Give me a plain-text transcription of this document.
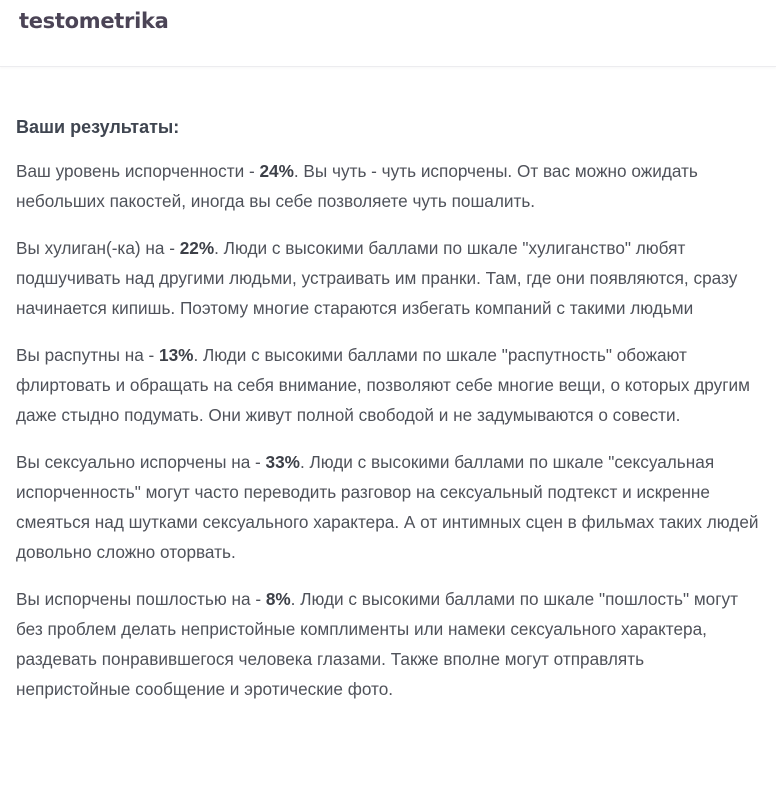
testometrika
Ваши результаты:

Ваш уровень испорченности - 24%. Вы чуть - чуть испорчены. От вас можно ожидать небольших пакостей, иногда вы себе позволяете чуть пошалить.

Вы хулиган(-ка) на - 22%. Люди с высокими баллами по шкале "хулиганство" любят подшучивать над другими людьми, устраивать им пранки. Там, где они появляются, сразу начинается кипишь. Поэтому многие стараются избегать компаний с такими людьми

Вы распутны на - 13%. Люди с высокими баллами по шкале "распутность" обожают флиртовать и обращать на себя внимание, позволяют себе многие вещи, о которых другим даже стыдно подумать. Они живут полной свободой и не задумываются о совести.

Вы сексуально испорчены на - 33%. Люди с высокими баллами по шкале "сексуальная испорченность" могут часто переводить разговор на сексуальный подтекст и искренне смеяться над шутками сексуального характера. А от интимных сцен в фильмах таких людей довольно сложно оторвать.

Вы испорчены пошлостью на - 8%. Люди с высокими баллами по шкале "пошлость" могут без проблем делать непристойные комплименты или намеки сексуального характера, раздевать понравившегося человека глазами. Также вполне могут отправлять непристойные сообщение и эротические фото.
